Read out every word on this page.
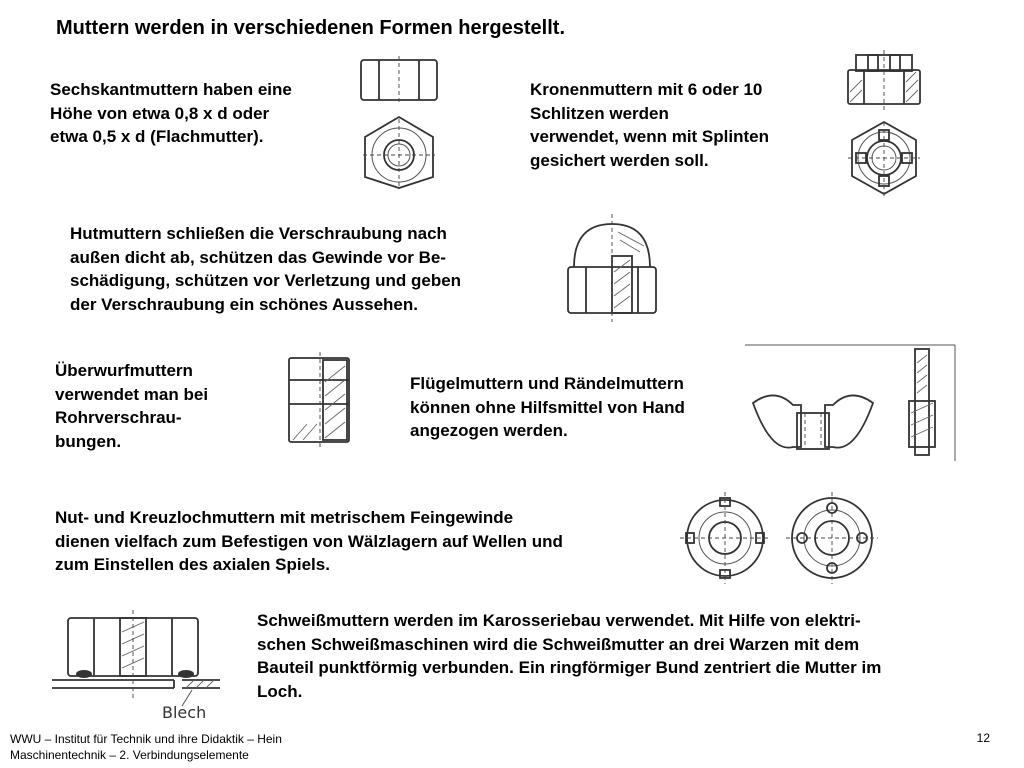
Muttern werden in verschiedenen Formen hergestellt.

Sechskantmuttern haben eine
Höhe von etwa 0,8 x d oder
etwa 0,5 x d (Flachmutter).

Kronenmuttern mit 6 oder 10
Schlitzen werden
verwendet, wenn mit Splinten
gesichert werden soll.

Hutmuttern schließen die Verschraubung nach
außen dicht ab, schützen das Gewinde vor Be-
schädigung, schützen vor Verletzung und geben
der Verschraubung ein schönes Aussehen.

Überwurfmuttern
verwendet man bei
Rohrverschrau-
bungen.

Flügelmuttern und Rändelmuttern
können ohne Hilfsmittel von Hand
angezogen werden.

Nut- und Kreuzlochmuttern mit metrischem Feingewinde
dienen vielfach zum Befestigen von Wälzlagern auf Wellen und
zum Einstellen des axialen Spiels.

Blech

Schweißmuttern werden im Karosseriebau verwendet. Mit Hilfe von elektri-
schen Schweißmaschinen wird die Schweißmutter an drei Warzen mit dem
Bauteil punktförmig verbunden. Ein ringförmiger Bund zentriert die Mutter im
Loch.

WWU – Institut für Technik und ihre Didaktik – Hein
Maschinentechnik – 2. Verbindungselemente
12
